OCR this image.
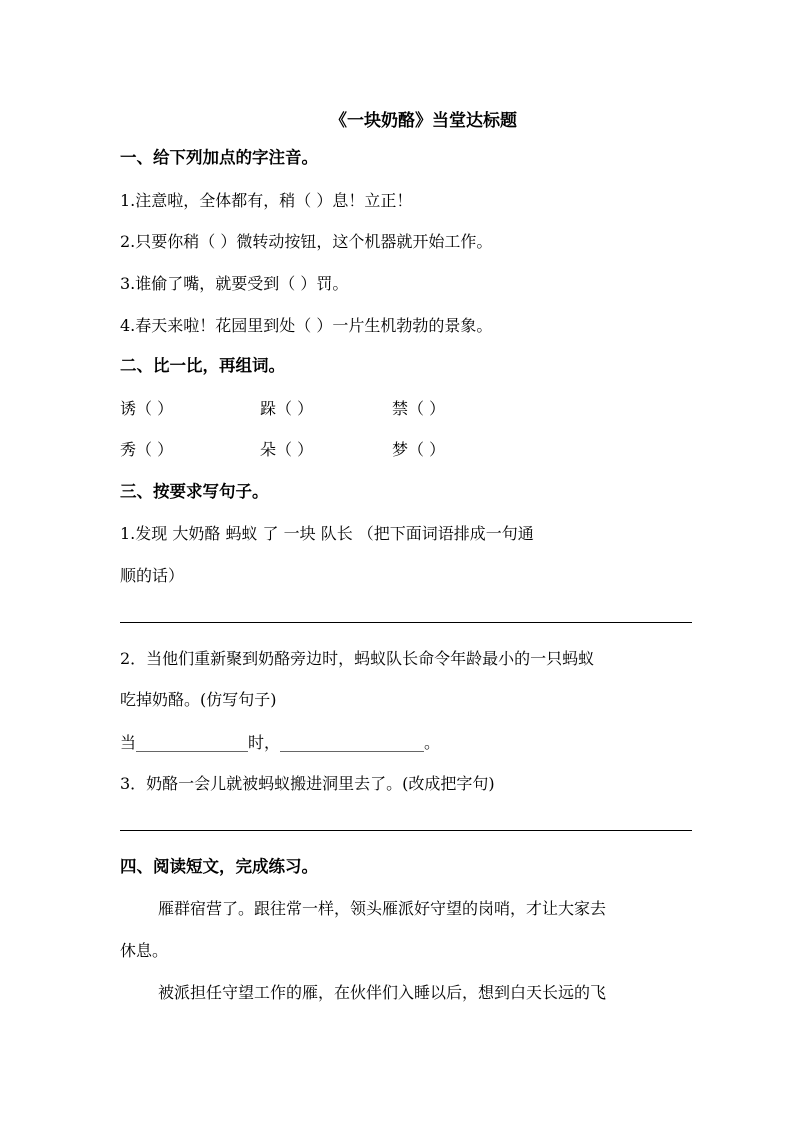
《一块奶酪》当堂达标题
一、给下列加点的字注音。
1.注意啦，全体都有，稍（ ）息！立正！
2.只要你稍（ ）微转动按钮，这个机器就开始工作。
3.谁偷了嘴，就要受到（ ）罚。
4.春天来啦！花园里到处（ ）一片生机勃勃的景象。
二、比一比，再组词。
诱（ ）	跺（ ）	禁（ ）
秀（ ）	朵（ ）	梦（ ）
三、按要求写句子。
1.发现 大奶酪 蚂蚁 了 一块 队长 （把下面词语排成一句通
顺的话）
2．当他们重新聚到奶酪旁边时，蚂蚁队长命令年龄最小的一只蚂蚁
吃掉奶酪。(仿写句子)
当______________时，__________________。
3．奶酪一会儿就被蚂蚁搬进洞里去了。(改成把字句)
四、阅读短文，完成练习。
雁群宿营了。跟往常一样，领头雁派好守望的岗哨，才让大家去
休息。
被派担任守望工作的雁，在伙伴们入睡以后，想到白天长远的飞
